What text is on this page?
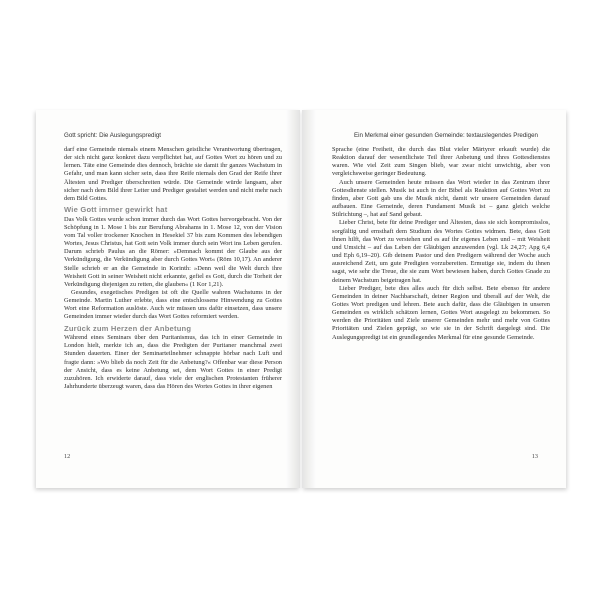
Gott spricht: Die Auslegungspredigt

darf eine Gemeinde niemals einem Menschen geistliche Verantwortung übertragen, der sich nicht ganz konkret dazu verpflichtet hat, auf Gottes Wort zu hören und zu lernen. Täte eine Gemeinde dies dennoch, brächte sie damit ihr ganzes Wachstum in Gefahr, und man kann sicher sein, dass ihre Reife niemals den Grad der Reife ihrer Ältesten und Prediger überschreiten würde. Die Gemeinde würde langsam, aber sicher nach dem Bild ihrer Leiter und Prediger gestaltet werden und nicht mehr nach dem Bild Gottes.

Wie Gott immer gewirkt hat

Das Volk Gottes wurde schon immer durch das Wort Gottes hervorgebracht. Von der Schöpfung in 1. Mose 1 bis zur Berufung Abrahams in 1. Mose 12, von der Vision vom Tal voller trockener Knochen in Hesekiel 37 bis zum Kommen des lebendigen Wortes, Jesus Christus, hat Gott sein Volk immer durch sein Wort ins Leben gerufen. Darum schrieb Paulus an die Römer: »Demnach kommt der Glaube aus der Verkündigung, die Verkündigung aber durch Gottes Wort« (Röm 10,17). An anderer Stelle schrieb er an die Gemeinde in Korinth: »Denn weil die Welt durch ihre Weisheit Gott in seiner Weisheit nicht erkannte, gefiel es Gott, durch die Torheit der Verkündigung diejenigen zu retten, die glauben« (1 Kor 1,21).

Gesundes, exegetisches Predigen ist oft die Quelle wahren Wachstums in der Gemeinde. Martin Luther erlebte, dass eine entschlossene Hinwendung zu Gottes Wort eine Reformation auslöste. Auch wir müssen uns dafür einsetzen, dass unsere Gemeinden immer wieder durch das Wort Gottes reformiert werden.

Zurück zum Herzen der Anbetung

Während eines Seminars über den Puritanismus, das ich in einer Gemeinde in London hielt, merkte ich an, dass die Predigten der Puritaner manchmal zwei Stunden dauerten. Einer der Seminarteilnehmer schnappte hörbar nach Luft und fragte dann: »Wo blieb da noch Zeit für die Anbetung?« Offenbar war diese Person der Ansicht, dass es keine Anbetung sei, dem Wort Gottes in einer Predigt zuzuhören. Ich erwiderte darauf, dass viele der englischen Protestanten früherer Jahrhunderte überzeugt waren, dass das Hören des Wortes Gottes in ihrer eigenen

12
Ein Merkmal einer gesunden Gemeinde: textauslegendes Predigen

Sprache (eine Freiheit, die durch das Blut vieler Märtyrer erkauft wurde) die Reaktion darauf der wesentlichste Teil ihrer Anbetung und ihres Gottesdienstes waren. Wie viel Zeit zum Singen blieb, war zwar nicht unwichtig, aber von vergleichsweise geringer Bedeutung.

Auch unsere Gemeinden heute müssen das Wort wieder in das Zentrum ihrer Gottesdienste stellen. Musik ist auch in der Bibel als Reaktion auf Gottes Wort zu finden, aber Gott gab uns die Musik nicht, damit wir unsere Gemeinden darauf aufbauen. Eine Gemeinde, deren Fundament Musik ist – ganz gleich welche Stilrichtung –, hat auf Sand gebaut.

Lieber Christ, bete für deine Prediger und Ältesten, dass sie sich kompromisslos, sorgfältig und ernsthaft dem Studium des Wortes Gottes widmen. Bete, dass Gott ihnen hilft, das Wort zu verstehen und es auf ihr eigenes Leben und – mit Weisheit und Umsicht – auf das Leben der Gläubigen anzuwenden (vgl. Lk 24,27; Apg 6,4 und Eph 6,19–20). Gib deinem Pastor und den Predigern während der Woche auch ausreichend Zeit, um gute Predigten vorzubereiten. Ermutige sie, indem du ihnen sagst, wie sehr die Treue, die sie zum Wort bewiesen haben, durch Gottes Gnade zu deinem Wachstum beigetragen hat.

Lieber Prediger, bete dies alles auch für dich selbst. Bete ebenso für andere Gemeinden in deiner Nachbarschaft, deiner Region und überall auf der Welt, die Gottes Wort predigen und lehren. Bete auch dafür, dass die Gläubigen in unseren Gemeinden es wirklich schätzen lernen, Gottes Wort ausgelegt zu bekommen. So werden die Prioritäten und Ziele unserer Gemeinden mehr und mehr von Gottes Prioritäten und Zielen geprägt, so wie sie in der Schrift dargelegt sind. Die Auslegungspredigt ist ein grundlegendes Merkmal für eine gesunde Gemeinde.

13
